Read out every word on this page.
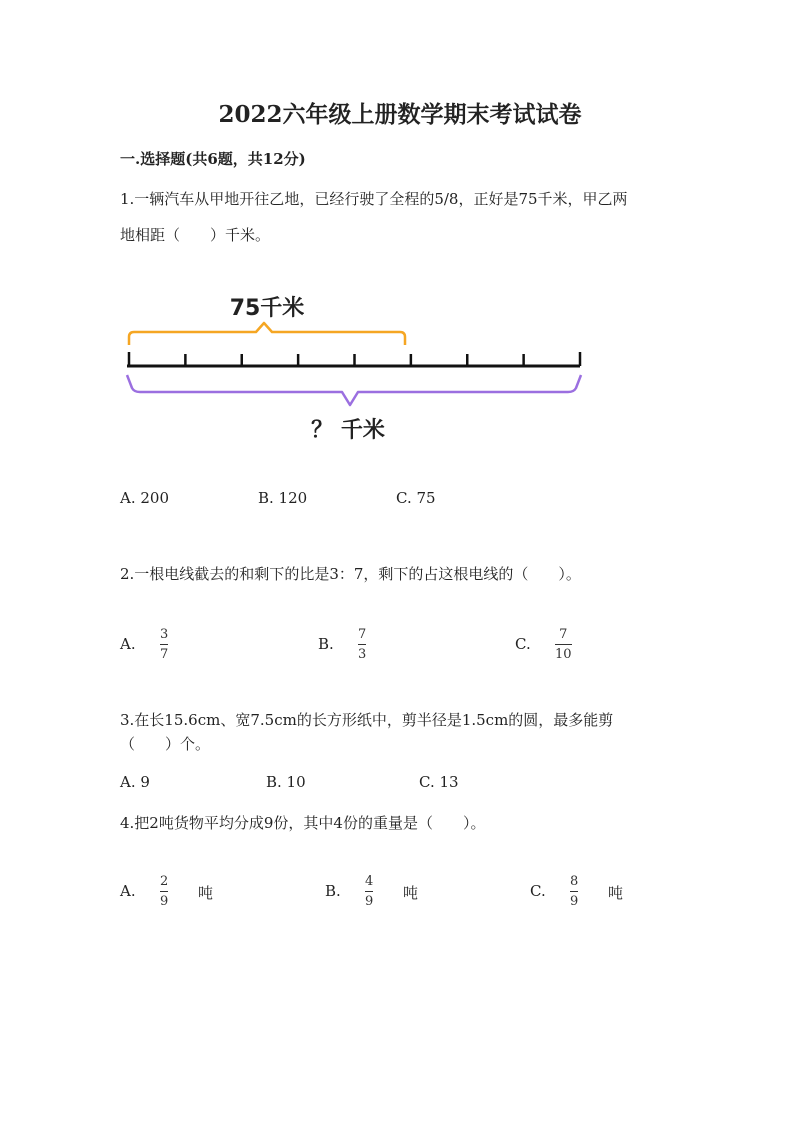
2022六年级上册数学期末考试试卷
一.选择题(共6题，共12分)
1.一辆汽车从甲地开往乙地，已经行驶了全程的5/8，正好是75千米，甲乙两
地相距（　　）千米。
75千米
？ 千米
A. 200	B. 120	C. 75
2.一根电线截去的和剩下的比是3：7，剩下的占这根电线的（　　）。
A.
3
7
B.
7
3
C.
7
10
3.在长15.6cm、宽7.5cm的长方形纸中，剪半径是1.5cm的圆，最多能剪
（　　）个。
A. 9	B. 10	C. 13
4.把2吨货物平均分成9份，其中4份的重量是（　　）。
A.
2
9 吨	B.
4
9 吨	C.
8
9 吨
